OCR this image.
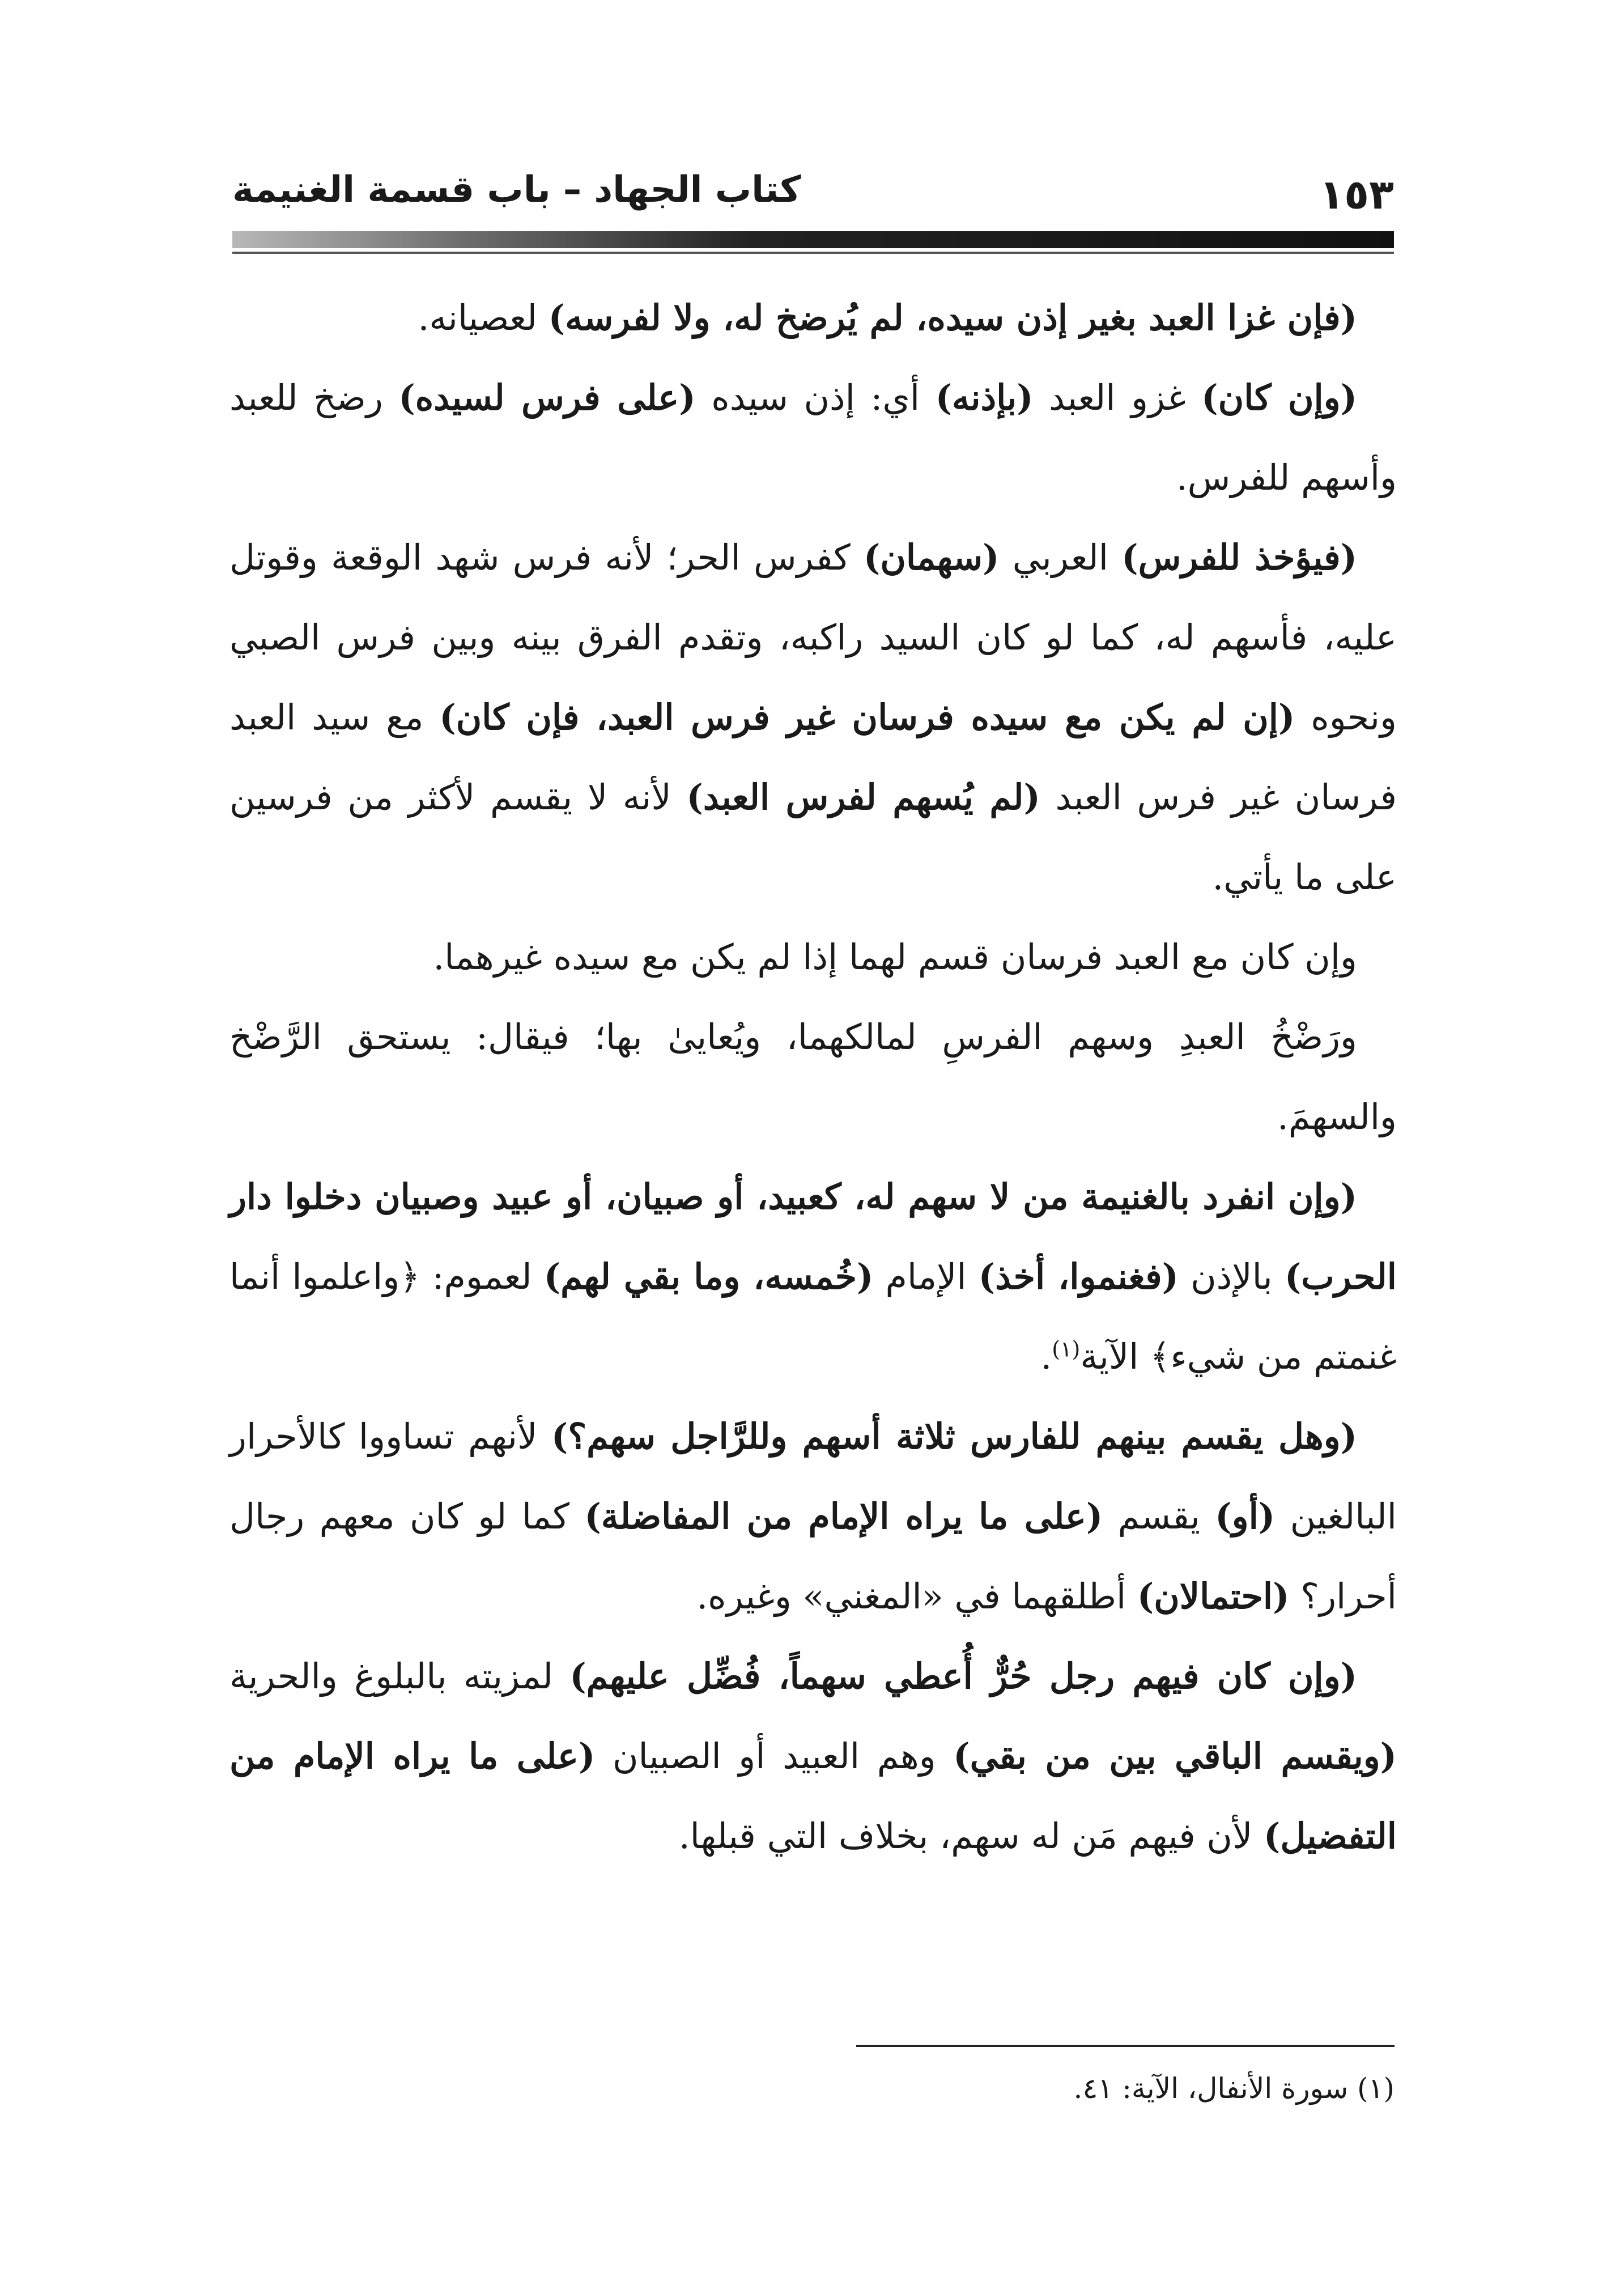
كتاب الجهاد – باب قسمة الغنيمة	١٥٣

(فإن غزا العبد بغير إذن سيده، لم يُرضخ له، ولا لفرسه) لعصيانه.

(وإن كان) غزو العبد (بإذنه) أي: إذن سيده (على فرس لسيده) رضخ للعبد وأسهم للفرس.

(فيؤخذ للفرس) العربي (سهمان) كفرس الحر؛ لأنه فرس شهد الوقعة وقوتل عليه، فأسهم له، كما لو كان السيد راكبه، وتقدم الفرق بينه وبين فرس الصبي ونحوه (إن لم يكن مع سيده فرسان غير فرس العبد، فإن كان) مع سيد العبد فرسان غير فرس العبد (لم يُسهم لفرس العبد) لأنه لا يقسم لأكثر من فرسين على ما يأتي.

وإن كان مع العبد فرسان قسم لهما إذا لم يكن مع سيده غيرهما.

ورَضْخُ العبدِ وسهم الفرسِ لمالكهما، ويُعايىٰ بها؛ فيقال: يستحق الرَّضْخ والسهمَ.

(وإن انفرد بالغنيمة من لا سهم له، كعبيد، أو صبيان، أو عبيد وصبيان دخلوا دار الحرب) بالإذن (فغنموا، أخذ) الإمام (خُمسه، وما بقي لهم) لعموم: ﴿واعلموا أنما غنمتم من شيء﴾ الآية$^{(١)}$.

(وهل يقسم بينهم للفارس ثلاثة أسهم وللرَّاجل سهم؟) لأنهم تساووا كالأحرار البالغين (أو) يقسم (على ما يراه الإمام من المفاضلة) كما لو كان معهم رجال أحرار؟ (احتمالان) أطلقهما في «المغني» وغيره.

(وإن كان فيهم رجل حُرٌّ أُعطي سهماً، فُضِّل عليهم) لمزيته بالبلوغ والحرية (ويقسم الباقي بين من بقي) وهم العبيد أو الصبيان (على ما يراه الإمام من التفضيل) لأن فيهم مَن له سهم، بخلاف التي قبلها.

(١) سورة الأنفال، الآية: ٤١.
